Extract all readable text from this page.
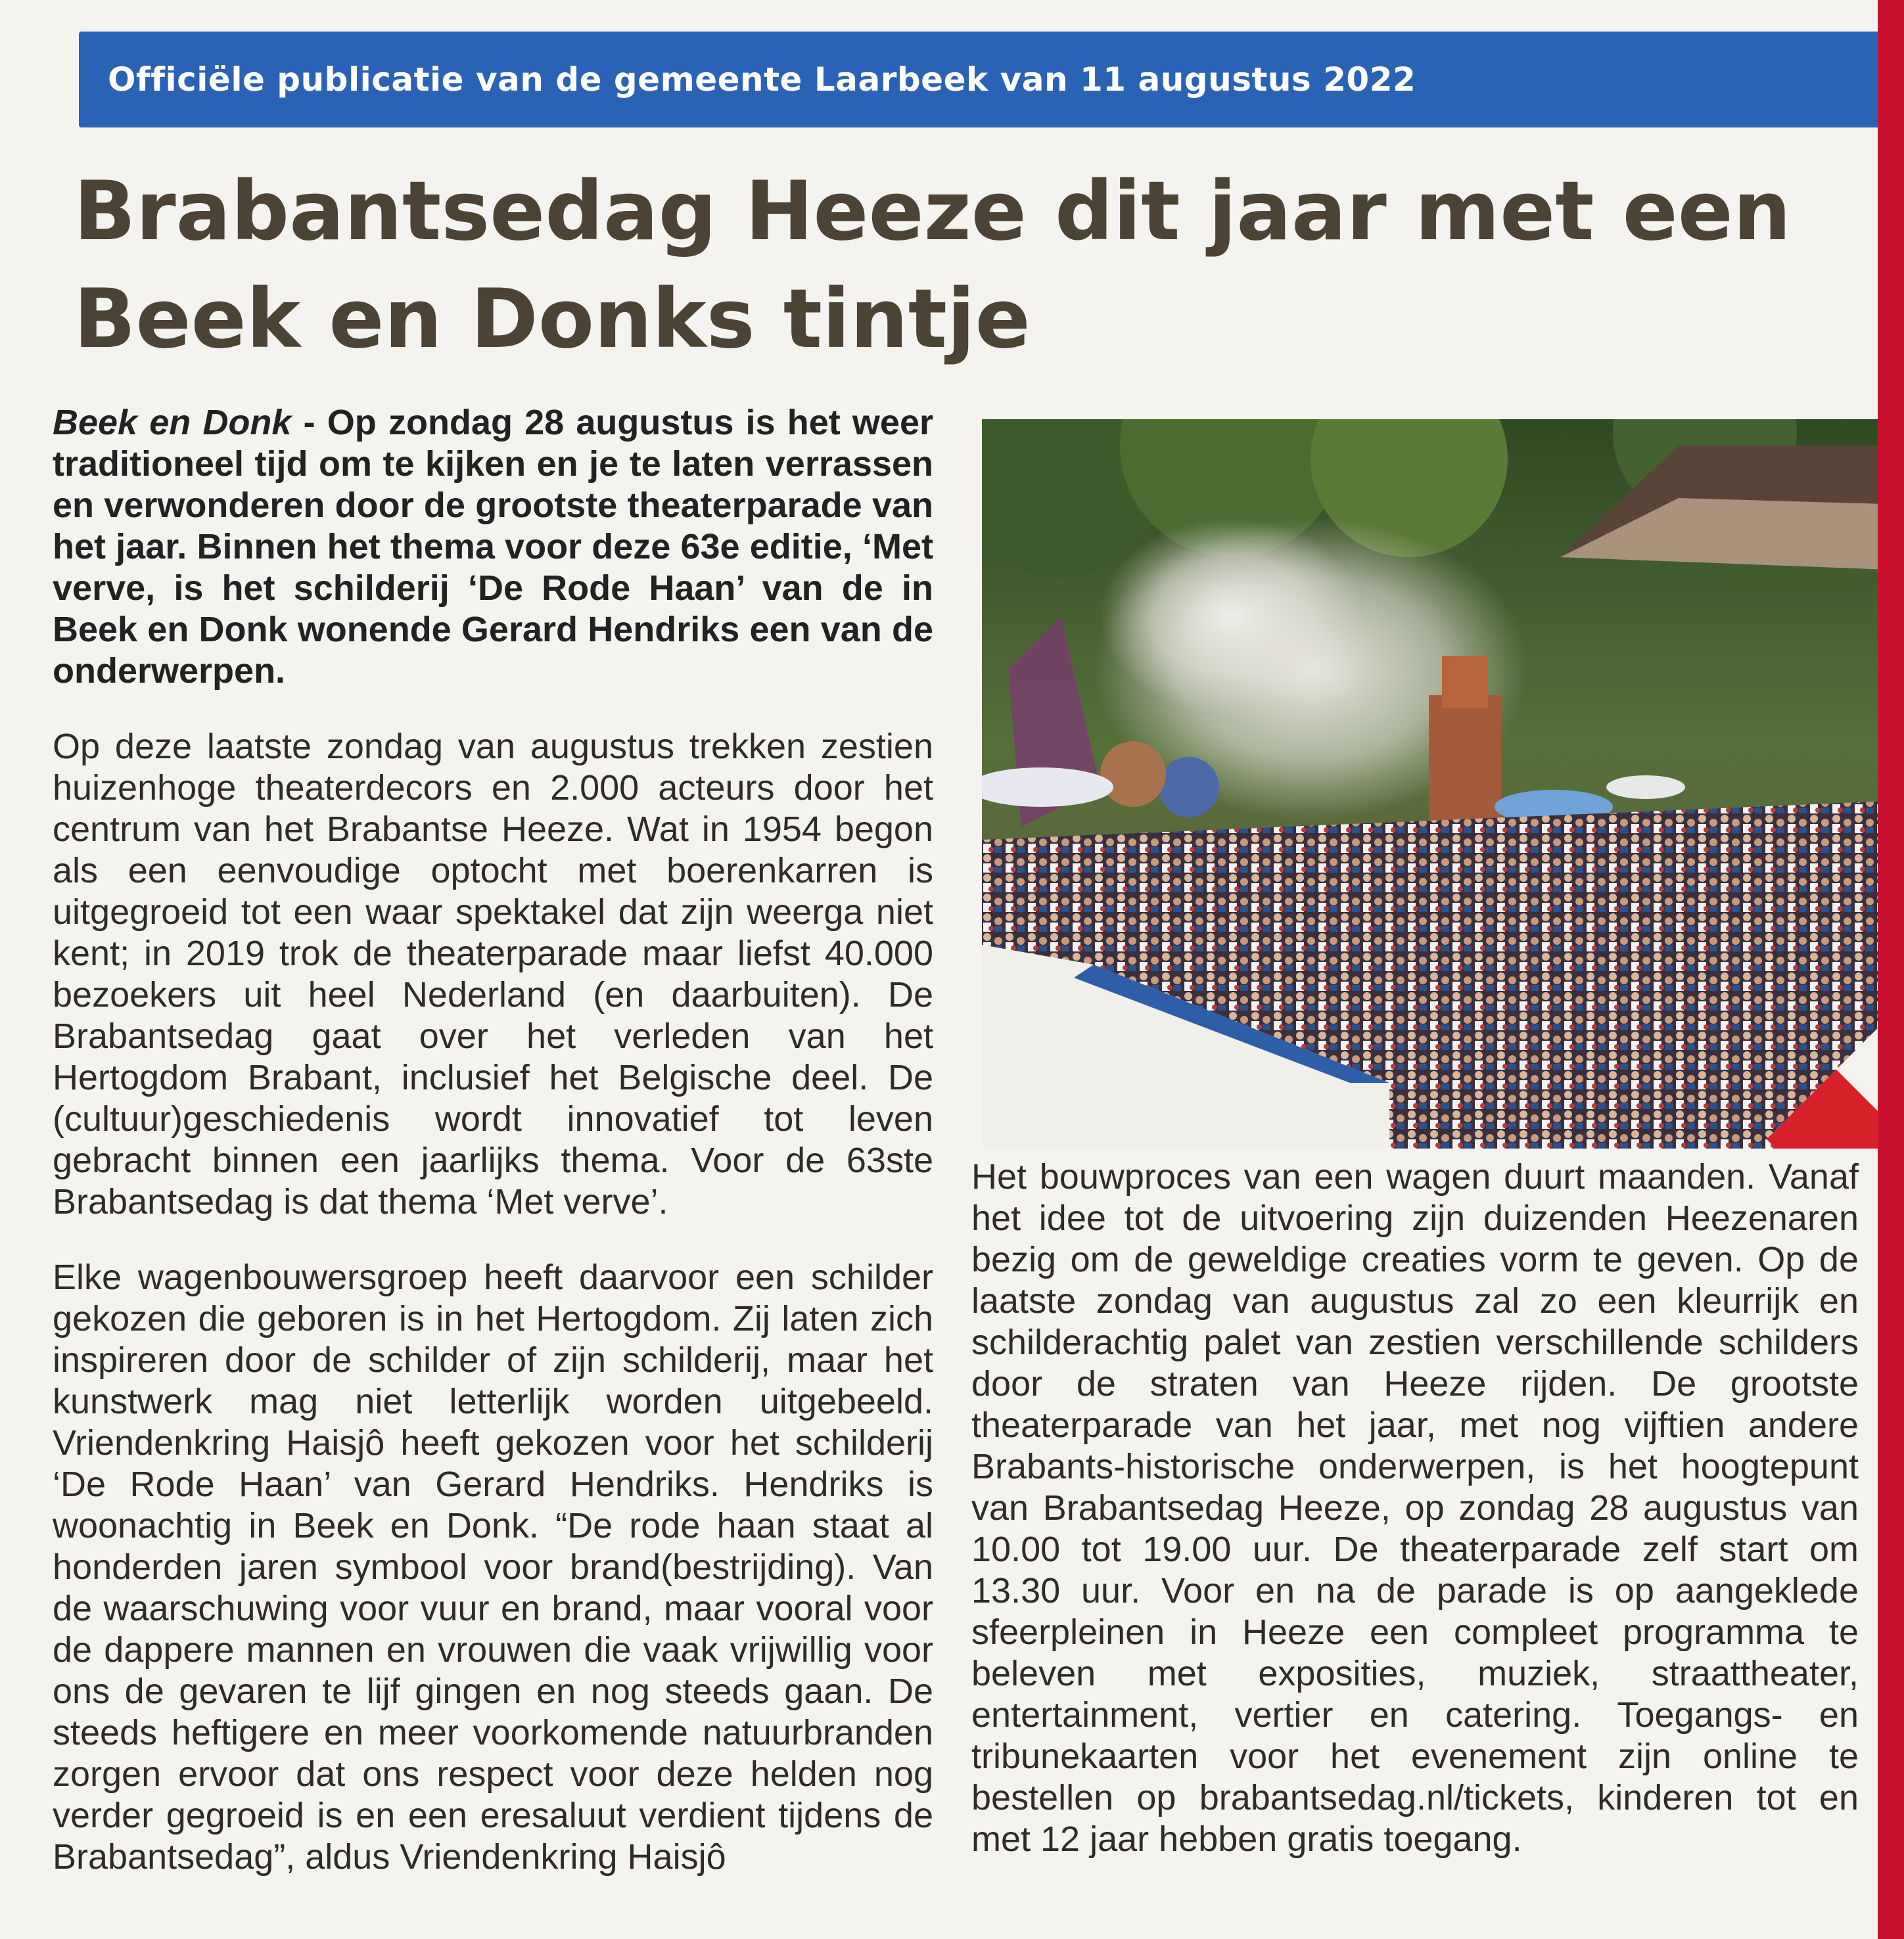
Officiële publicatie van de gemeente Laarbeek van 11 augustus 2022
Brabantsedag Heeze dit jaar met een Beek en Donks tintje

Beek en Donk - Op zondag 28 augustus is het weer traditioneel tijd om te kijken en je te laten verrassen en verwonderen door de grootste theaterparade van het jaar. Binnen het thema voor deze 63e editie, ‘Met verve, is het schilderij ‘De Rode Haan’ van de in Beek en Donk wonende Gerard Hendriks een van de onderwerpen.

Op deze laatste zondag van augustus trekken zestien huizenhoge theaterdecors en 2.000 acteurs door het centrum van het Brabantse Heeze. Wat in 1954 begon als een eenvoudige optocht met boerenkarren is uitgegroeid tot een waar spektakel dat zijn weerga niet kent; in 2019 trok de theaterparade maar liefst 40.000 bezoekers uit heel Nederland (en daarbuiten). De Brabantsedag gaat over het verleden van het Hertogdom Brabant, inclusief het Belgische deel. De (cultuur)geschiedenis wordt innovatief tot leven gebracht binnen een jaarlijks thema. Voor de 63ste Brabantsedag is dat thema ‘Met verve’.

Elke wagenbouwersgroep heeft daarvoor een schilder gekozen die geboren is in het Hertogdom. Zij laten zich inspireren door de schilder of zijn schilderij, maar het kunstwerk mag niet letterlijk worden uitgebeeld. Vriendenkring Haisjô heeft gekozen voor het schilderij ‘De Rode Haan’ van Gerard Hendriks. Hendriks is woonachtig in Beek en Donk. “De rode haan staat al honderden jaren symbool voor brand(bestrijding). Van de waarschuwing voor vuur en brand, maar vooral voor de dappere mannen en vrouwen die vaak vrijwillig voor ons de gevaren te lijf gingen en nog steeds gaan. De steeds heftigere en meer voorkomende natuurbranden zorgen ervoor dat ons respect voor deze helden nog verder gegroeid is en een eresaluut verdient tijdens de Brabantsedag”, aldus Vriendenkring Haisjô

Het bouwproces van een wagen duurt maanden. Vanaf het idee tot de uitvoering zijn duizenden Heezenaren bezig om de geweldige creaties vorm te geven. Op de laatste zondag van augustus zal zo een kleurrijk en schilderachtig palet van zestien verschillende schilders door de straten van Heeze rijden. De grootste theaterparade van het jaar, met nog vijftien andere Brabants-historische onderwerpen, is het hoogtepunt van Brabantsedag Heeze, op zondag 28 augustus van 10.00 tot 19.00 uur. De theaterparade zelf start om 13.30 uur. Voor en na de parade is op aangeklede sfeerpleinen in Heeze een compleet programma te beleven met exposities, muziek, straattheater, entertainment, vertier en catering. Toegangs- en tribunekaarten voor het evenement zijn online te bestellen op brabantsedag.nl/tickets, kinderen tot en met 12 jaar hebben gratis toegang.
